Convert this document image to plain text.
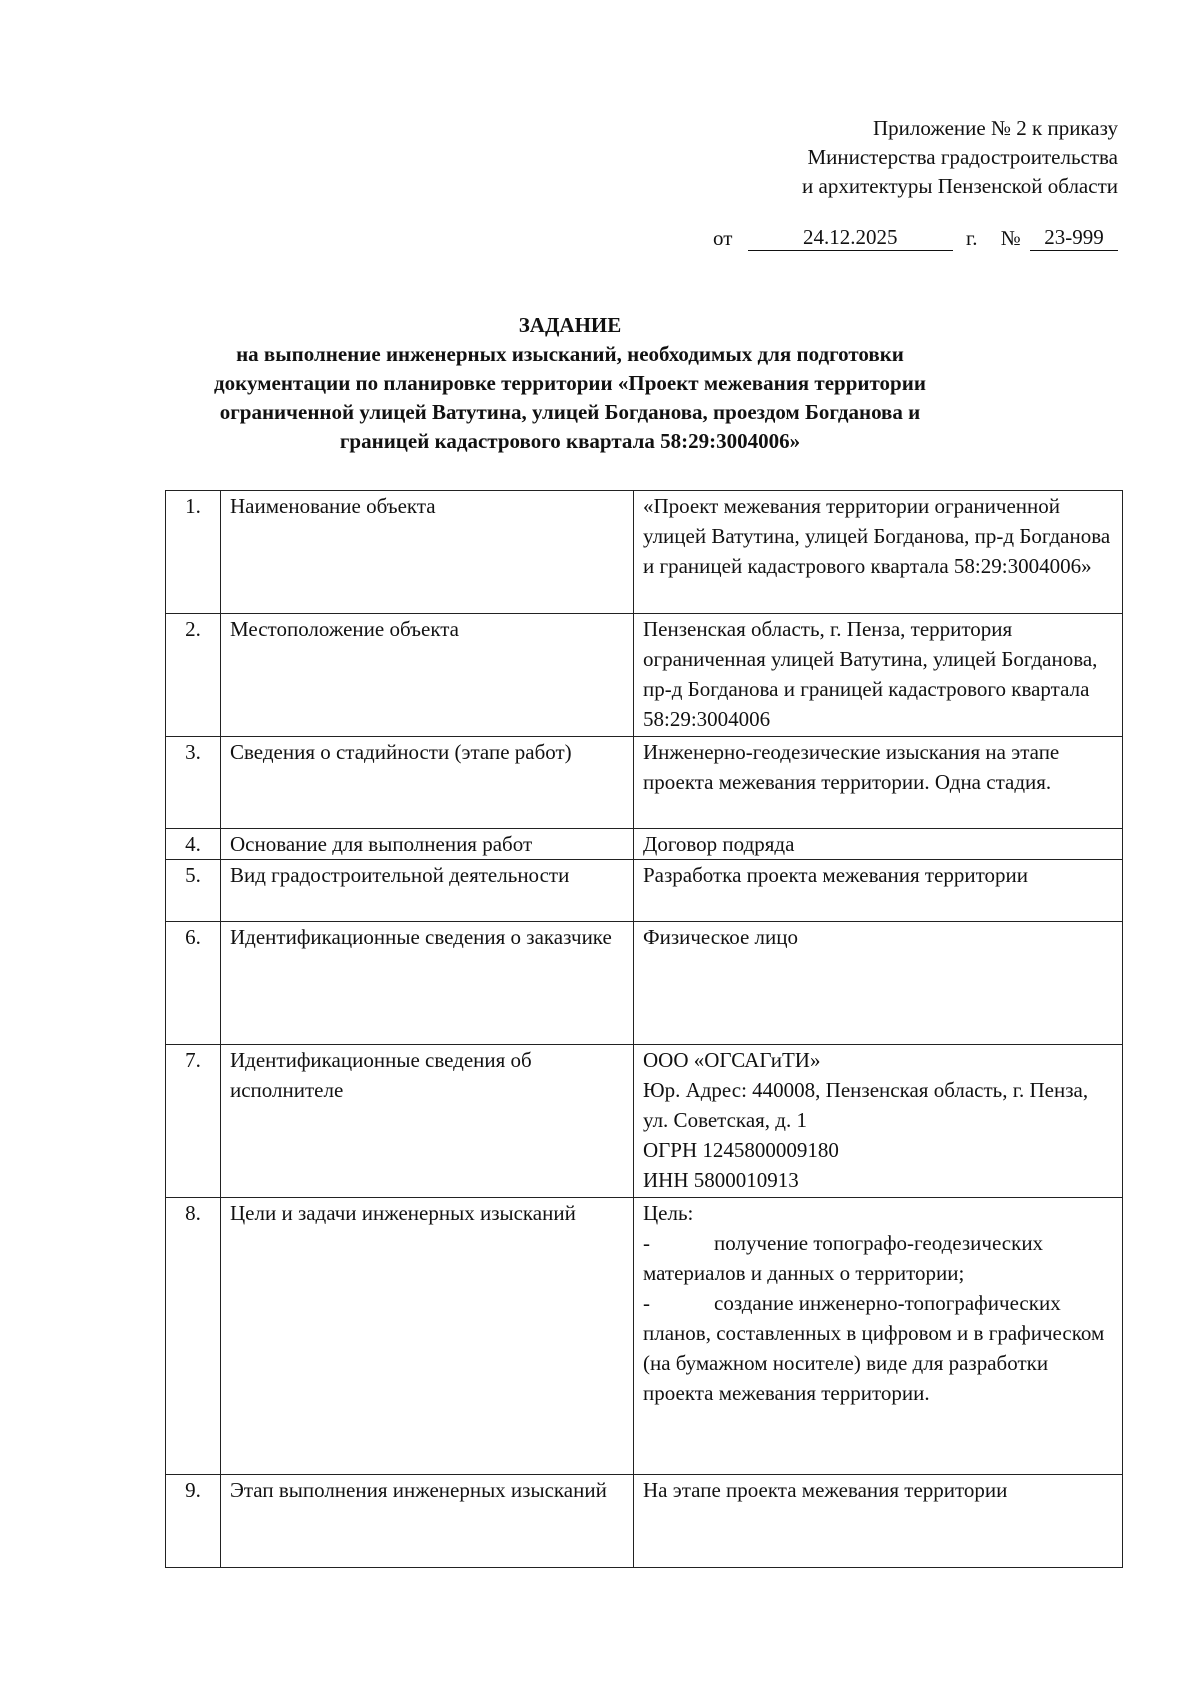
Приложение № 2 к приказу
Министерства градостроительства
и архитектуры Пензенской области
от	24.12.2025	г. № 23-999
ЗАДАНИЕ
на выполнение инженерных изысканий, необходимых для подготовки
документации по планировке территории «Проект межевания территории
ограниченной улицей Ватутина, улицей Богданова, проездом Богданова и
границей кадастрового квартала 58:29:3004006»
1.	Наименование объекта	«Проект межевания территории ограниченной улицей Ватутина, улицей Богданова, пр-д Богданова и границей кадастрового квартала 58:29:3004006»
2.	Местоположение объекта	Пензенская область, г. Пенза, территория ограниченная улицей Ватутина, улицей Богданова, пр-д Богданова и границей кадастрового квартала 58:29:3004006
3.	Сведения о стадийности (этапе работ)	Инженерно-геодезические изыскания на этапе проекта межевания территории. Одна стадия.
4.	Основание для выполнения работ	Договор подряда
5.	Вид градостроительной деятельности	Разработка проекта межевания территории
6.	Идентификационные сведения о заказчике	Физическое лицо
7.	Идентификационные сведения об исполнителе	ООО «ОГСАГиТИ»
Юр. Адрес: 440008, Пензенская область, г. Пенза, ул. Советская, д. 1
ОГРН 1245800009180
ИНН 5800010913

8.	Цели и задачи инженерных изысканий	Цель:
- получение топографо-геодезических материалов и данных о территории;
- создание инженерно-топографических планов, составленных в цифровом и в графическом (на бумажном носителе) виде для разработки проекта межевания территории.

9.	Этап выполнения инженерных изысканий	На этапе проекта межевания территории
